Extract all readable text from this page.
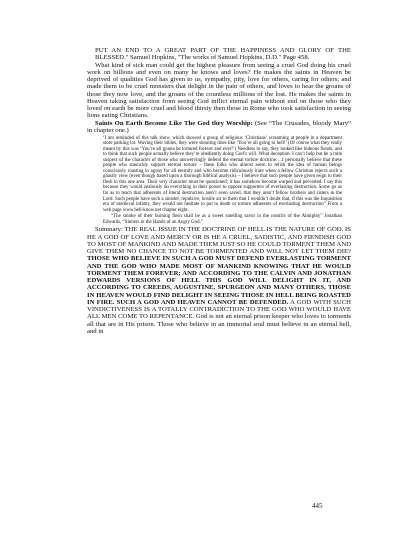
PUT AN END TO A GREAT PART OF THE HAPPINESS AND GLORY OF THE BLESSED." Samuel Hopkins, "The works of Samuel Hopkins, D.D." Page 458.

What kind of sick man could get the highest pleasure from seeing a cruel God doing his cruel work on billions and even on many he knows and loves? He makes the saints in Heaven be deprived of qualities God has given to us, sympathy, pity, love for others, caring for others; and made them to be cruel monsters that delight in the pain of others, and loves to hear the groans of those they now love, and the groans of the countless millions of the lost. He makes the saints in Heaven taking satisfaction from seeing God inflict eternal pain without end on those who they loved on earth be more cruel and blood thirsty then those in Rome who took satisfaction in seeing lions eating Christians.

Saints On Earth Become Like The God they Worship: (See “The Crusades, bloody Mary” in chapter one.)

‘I am reminded of this talk show, which showed a group of religious ‘Christians’ screaming at people in a department store parking lot. Waving their bibles, they were shouting lines like ‘You’re all going to hell!’ (Of course what they really meant by this was ‘You’re all gonna be tortured forever and ever!’) Needless to say, they looked like hideous fiends, and to think that such people actually believe they’re obediently doing God’s will. What deception. I can’t help but be a mite suspect of the character of those who unswervingly defend the eternal torture doctrine….I personally believe that these people who staunchly support eternal torture – these folks who almost seem to relish the idea of human beings consciously roasting in agony for all eternity and who become ridiculously irate when a fellow Christian rejects such a ghastly view (even though based upon a thorough biblical analysis) – I believe that such people have given reign to their flesh in this one area. Their very character must be questioned; it has somehow become warped and perverted. I say this because they would zealously do everything in their power to oppose supporters of everlasting destruction. Some go as far as to teach that adherents of literal destruction aren’t even saved, that they aren’t fellow brothers and sisters in the Lord. Such people have such a sinister, repulsive, hostile air to them that I wouldn’t doubt that, if this was the Inquisition era of medieval infamy, they would not hesitate to put to death or torture adherents of everlasting destruction” From a web page www.hell-know.net chapter eight.

“The smoke of their burning flesh shall be as a sweet smelling savor in the nostrils of the Almighty” Jonathan Edwards, “Sinners in the Hands of an Angry God.”

Summary: THE REAL ISSUE IN THE DOCTRINE OF HELL IS THE NATURE OF GOD. IS HE A GOD OF LOVE AND MERCY OR IS HE A CRUEL, SADISTIC, AND FIENDISH GOD TO MOST OF MANKIND AND MADE THEM JUST SO HE COULD TORMENT THEM AND GIVE THEM NO CHANCE TO NOT BE TORMENTED AND WILL NOT LET THEM DIE? THOSE WHO BELIEVE IN SUCH A GOD MUST DEFEND EVERLASTING TORMENT AND THE GOD WHO MADE MOST OF MANKIND KNOWING THAT HE WOULD TORMENT THEM FOREVER; AND ACCORDING TO THE CALVIN AND JONATHAN EDWARDS VERSIONS OF HELL THIS GOD WILL DELIGHT IN IT, AND ACCORDING TO CREEDS, AUGUSTINE, SPURGEON AND MANY OTHERS, THOSE IN HEAVEN WOULD FIND DELIGHT IN SEEING THOSE IN HELL BEING ROASTED IN FIRE. SUCH A GOD AND HEAVEN CANNOT BE DEFENDED. A GOD WITH SUCH VINDICTIVENESS IS A TOTALLY CONTRADICTION TO THE GOD WHO WOULD HAVE ALL MEN COME TO REPENTANCE. God is not an eternal prison keeper who loves to torments all that are in His prison. Those who believe in an immortal soul must believe in an eternal hell, and in

445
